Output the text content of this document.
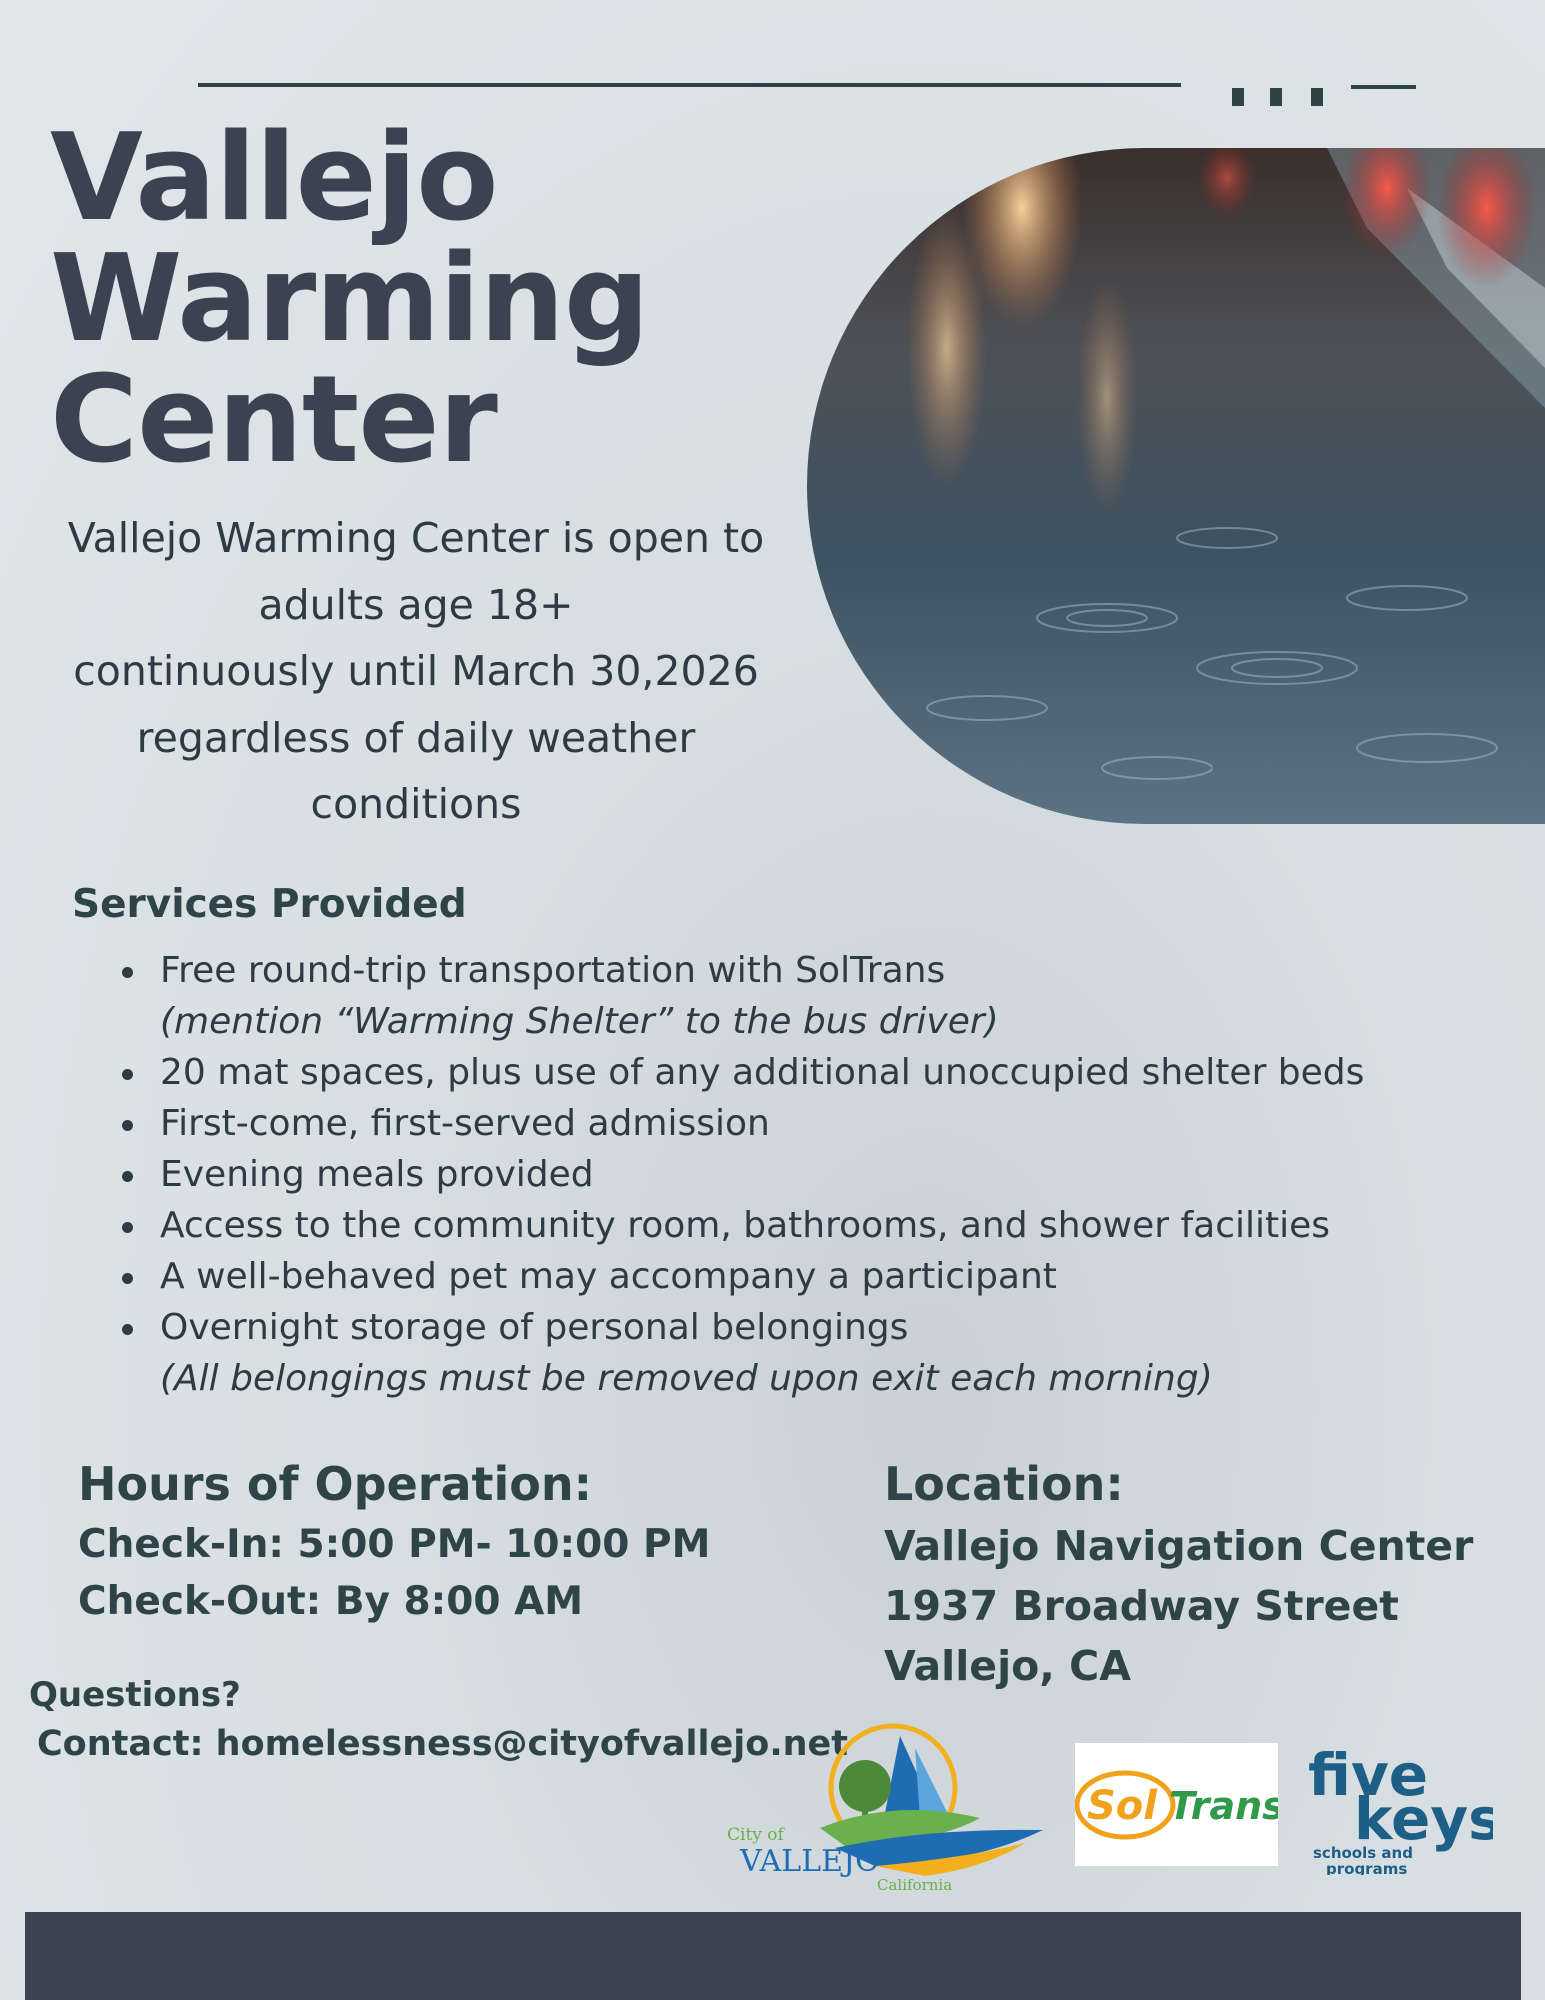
Vallejo
Warming
Center
Vallejo Warming Center is open to
adults age 18+
continuously until March 30,2026
regardless of daily weather
conditions
Services Provided
Free round-trip transportation with SolTrans
(mention “Warming Shelter” to the bus driver)
20 mat spaces, plus use of any additional unoccupied shelter beds
First-come, first-served admission
Evening meals provided
Access to the community room, bathrooms, and shower facilities
A well-behaved pet may accompany a participant
Overnight storage of personal belongings
(All belongings must be removed upon exit each morning)
Hours of Operation:
Check-In: 5:00 PM- 10:00 PM
Check-Out: By 8:00 AM
Location:
Vallejo Navigation Center
1937 Broadway Street
Vallejo, CA
Questions?
Contact: homelessness@cityofvallejo.net
City of
VALLEJO
California
Sol Trans five
keys
schools and
programs
